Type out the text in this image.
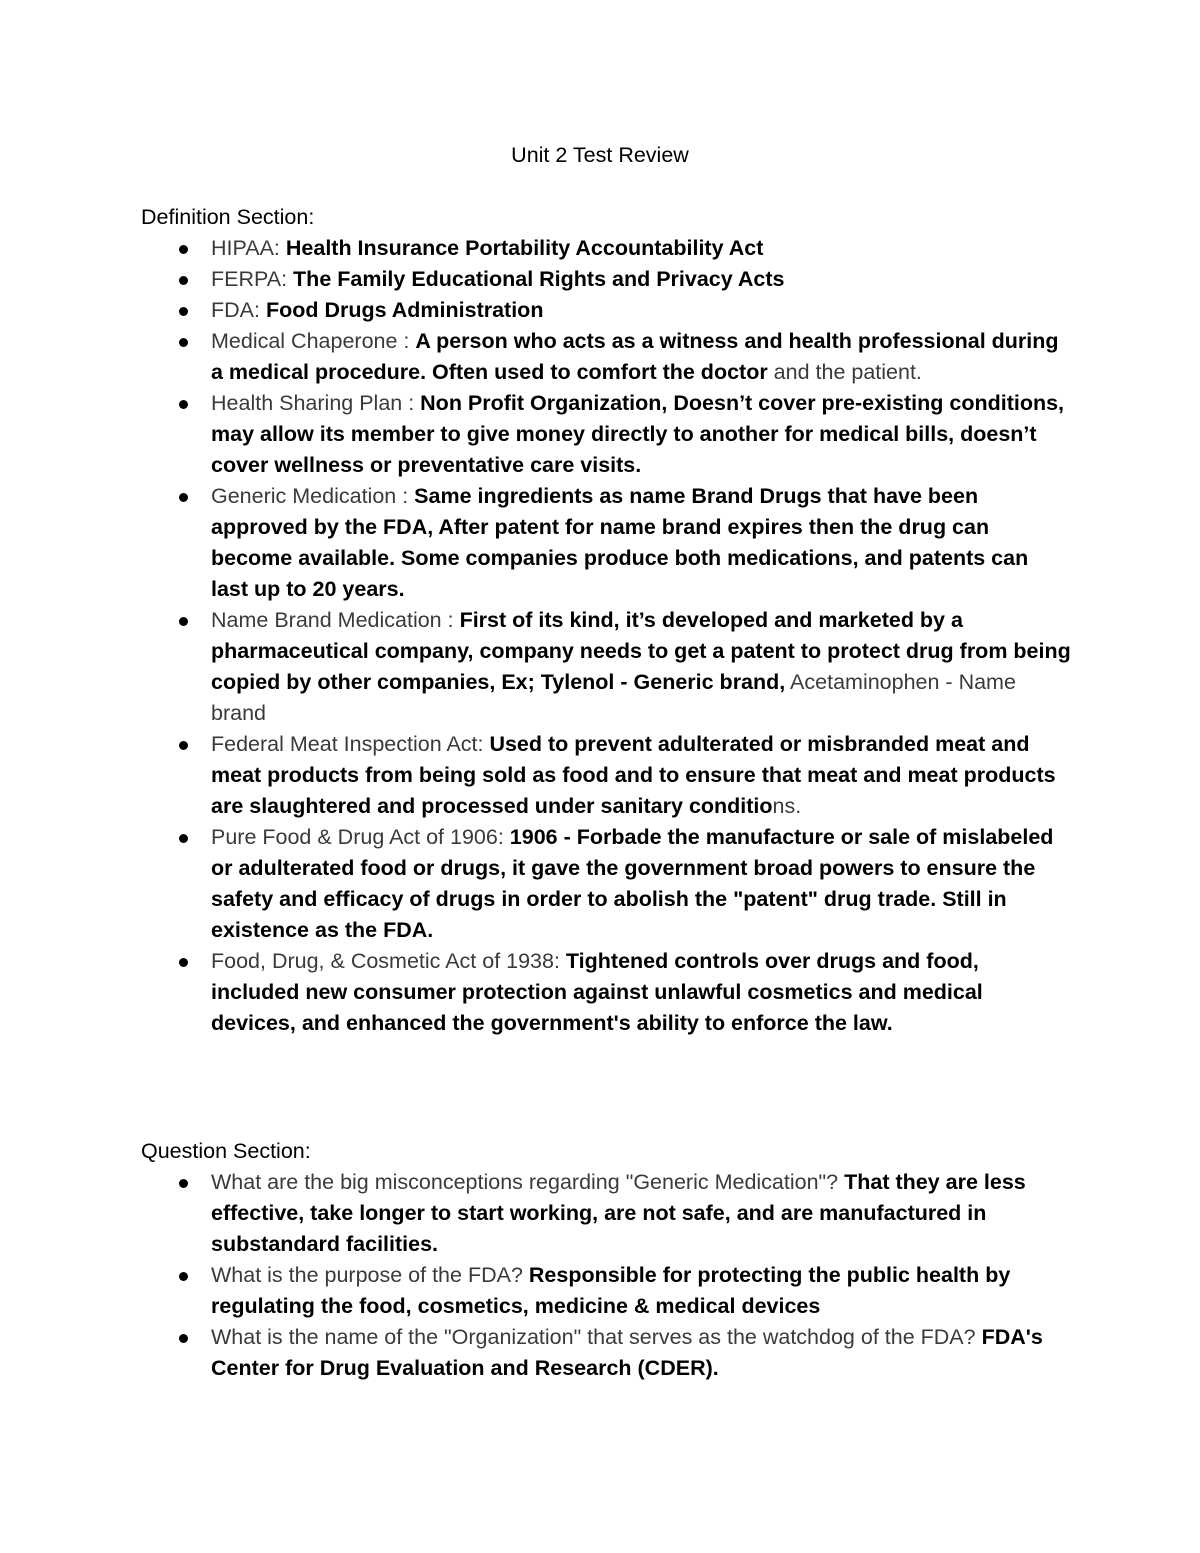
Unit 2 Test Review
Definition Section:
HIPAA: Health Insurance Portability Accountability Act
FERPA: The Family Educational Rights and Privacy Acts
FDA: Food Drugs Administration
Medical Chaperone : A person who acts as a witness and health professional during a medical procedure. Often used to comfort the doctor and the patient.
Health Sharing Plan : Non Profit Organization, Doesn’t cover pre-existing conditions, may allow its member to give money directly to another for medical bills, doesn’t cover wellness or preventative care visits.
Generic Medication : Same ingredients as name Brand Drugs that have been approved by the FDA, After patent for name brand expires then the drug can become available. Some companies produce both medications, and patents can last up to 20 years.
Name Brand Medication : First of its kind, it’s developed and marketed by a pharmaceutical company, company needs to get a patent to protect drug from being copied by other companies, Ex; Tylenol - Generic brand, Acetaminophen - Name brand
Federal Meat Inspection Act: Used to prevent adulterated or misbranded meat and meat products from being sold as food and to ensure that meat and meat products are slaughtered and processed under sanitary conditions.
Pure Food & Drug Act of 1906: 1906 - Forbade the manufacture or sale of mislabeled or adulterated food or drugs, it gave the government broad powers to ensure the safety and efficacy of drugs in order to abolish the "patent" drug trade. Still in existence as the FDA.
Food, Drug, & Cosmetic Act of 1938: Tightened controls over drugs and food, included new consumer protection against unlawful cosmetics and medical devices, and enhanced the government's ability to enforce the law.
Question Section:
What are the big misconceptions regarding "Generic Medication"? That they are less effective, take longer to start working, are not safe, and are manufactured in substandard facilities.
What is the purpose of the FDA? Responsible for protecting the public health by regulating the food, cosmetics, medicine & medical devices
What is the name of the "Organization" that serves as the watchdog of the FDA? FDA's Center for Drug Evaluation and Research (CDER).
